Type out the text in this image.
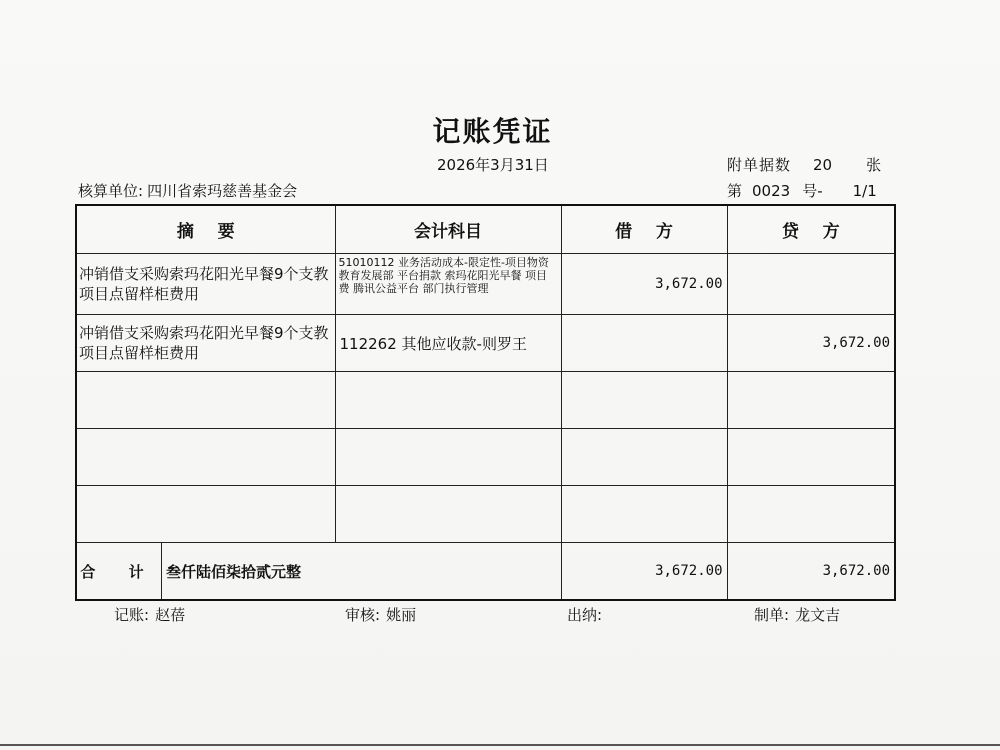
记账凭证
2026年3月31日	附单据数 20 张
核算单位: 四川省索玛慈善基金会	第 0023 号- 1/1
摘    要	会计科目	借    方	贷    方
冲销借支采购索玛花阳光早餐9个支教项目点留样柜费用	51010112 业务活动成本-限定性-项目物资 教育发展部 平台捐款 索玛花阳光早餐 项目费 腾讯公益平台 部门执行管理	3,672.00	
冲销借支采购索玛花阳光早餐9个支教项目点留样柜费用	112262 其他应收款-则罗王		3,672.00

合 计 叁仟陆佰柒拾贰元整		3,672.00	3,672.00
记账: 赵蓓	审核: 姚丽	出纳:	制单: 龙文吉
